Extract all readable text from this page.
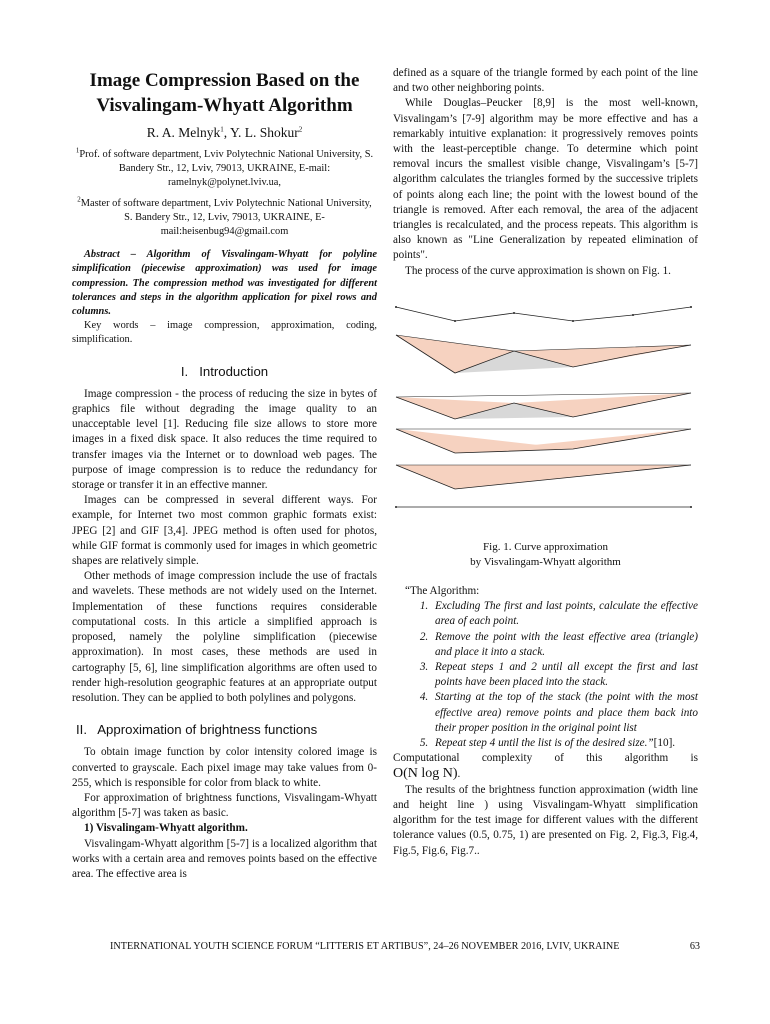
Image Compression Based on the Visvalingam-Whyatt Algorithm
R. A. Melnyk$^1$, Y. L. Shokur$^2$
$^1$Prof. of software department, Lviv Polytechnic National University, S. Bandery Str., 12, Lviv, 79013, UKRAINE, E-mail: ramelnyk@polynet.lviv.ua,
$^2$Master of software department, Lviv Polytechnic National University, S. Bandery Str., 12, Lviv, 79013, UKRAINE, E-mail:heisenbug94@gmail.com

Abstract – Algorithm of Visvalingam-Whyatt for polyline simplification (piecewise approximation) was used for image compression. The compression method was investigated for different tolerances and steps in the algorithm application for pixel rows and columns.

Key words – image compression, approximation, coding, simplification.

I.   Introduction

Image compression - the process of reducing the size in bytes of graphics file without degrading the image quality to an unacceptable level [1]. Reducing file size allows to store more images in a fixed disk space. It also reduces the time required to transfer images via the Internet or to download web pages. The purpose of image compression is to reduce the redundancy for storage or transfer it in an effective manner.

Images can be compressed in several different ways. For example, for Internet two most common graphic formats exist: JPEG [2] and GIF [3,4]. JPEG method is often used for photos, while GIF format is commonly used for images in which geometric shapes are relatively simple.

Other methods of image compression include the use of fractals and wavelets. These methods are not widely used on the Internet. Implementation of these functions requires considerable computational costs. In this article a simplified approach is proposed, namely the polyline simplification (piecewise approximation). In most cases, these methods are used in cartography [5, 6], line simplification algorithms are often used to render high-resolution geographic features at an appropriate output resolution. They can be applied to both polylines and polygons.

II.   Approximation of brightness functions

To obtain image function by color intensity colored image is converted to grayscale. Each pixel image may take values from 0-255, which is responsible for color from black to white.

For approximation of brightness functions, Visvalingam-Whyatt algorithm [5-7] was taken as basic.

1) Visvalingam-Whyatt algorithm.

Visvalingam-Whyatt algorithm [5-7] is a localized algorithm that works with a certain area and removes points based on the effective area. The effective area is

defined as a square of the triangle formed by each point of the line and two other neighboring points.

While Douglas–Peucker [8,9] is the most well-known, Visvalingam’s [7-9] algorithm may be more effective and has a remarkably intuitive explanation: it progressively removes points with the least-perceptible change. To determine which point removal incurs the smallest visible change, Visvalingam’s [5-7] algorithm calculates the triangles formed by the successive triplets of points along each line; the point with the lowest bound of the triangle is removed. After each removal, the area of the adjacent triangles is recalculated, and the process repeats. This algorithm is also known as "Line Generalization by repeated elimination of points".

The process of the curve approximation is shown on Fig. 1.

Fig. 1. Curve approximation
by Visvalingam-Whyatt algorithm

“The Algorithm:

1. Excluding The first and last points, calculate the effective area of each point.
2. Remove the point with the least effective area (triangle) and place it into a stack.
3. Repeat steps 1 and 2 until all except the first and last points have been placed into the stack.
4. Starting at the top of the stack (the point with the most effective area) remove points and place them back into their proper position in the original point list
5. Repeat step 4 until the list is of the desired size.”[10].

Computational complexity of this algorithm is

O(N log N).

The results of the brightness function approximation (width line and height line ) using Visvalingam-Whyatt simplification algorithm for the test image for different values with the different tolerance values (0.5, 0.75, 1) are presented on Fig. 2, Fig.3, Fig.4, Fig.5, Fig.6, Fig.7..

INTERNATIONAL YOUTH SCIENCE FORUM “LITTERIS ET ARTIBUS”, 24–26 NOVEMBER 2016, LVIV, UKRAINE	63
